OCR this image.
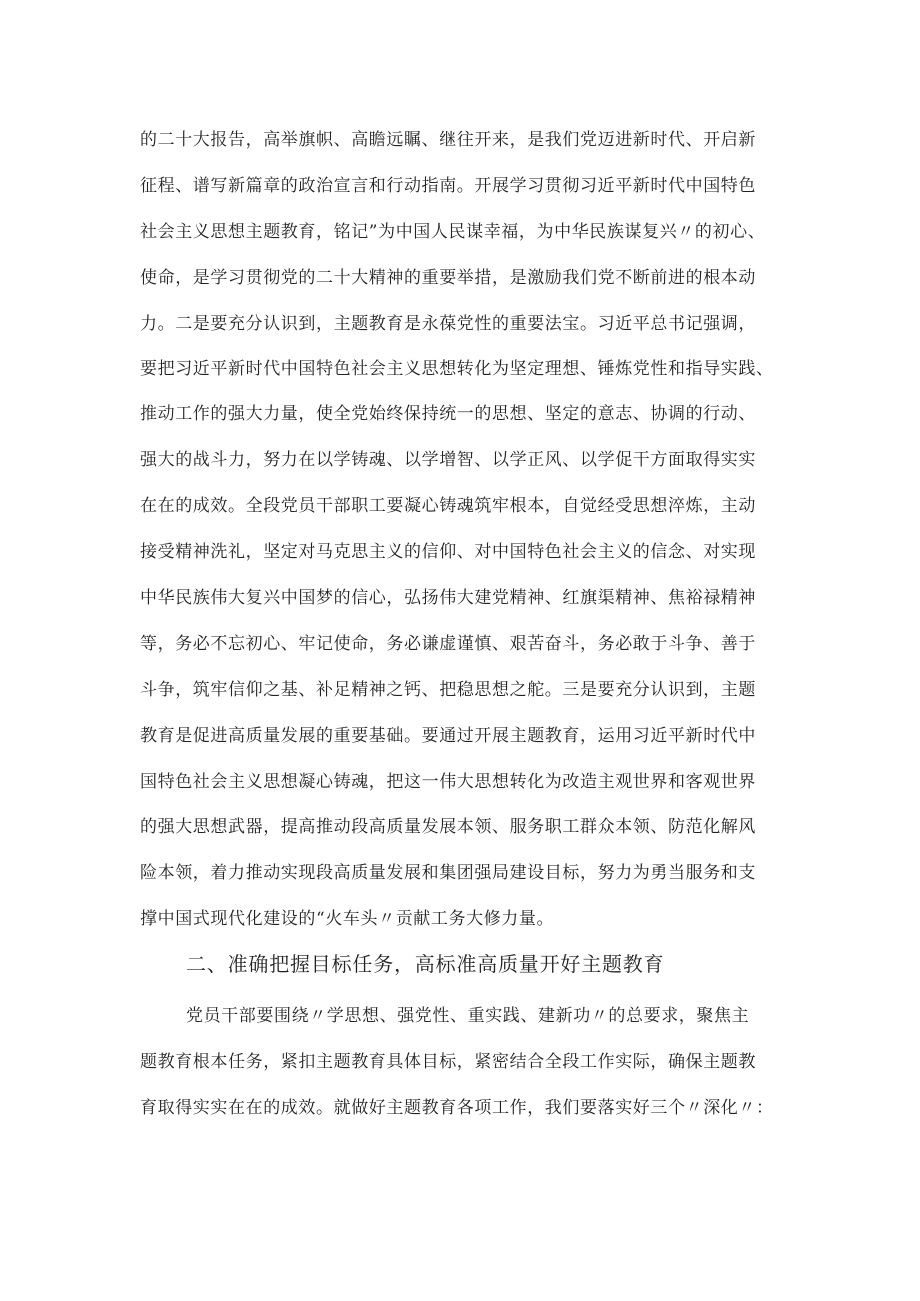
的二十大报告，高举旗帜、高瞻远瞩、继往开来，是我们党迈进新时代、开启新
征程、谱写新篇章的政治宣言和行动指南。开展学习贯彻习近平新时代中国特色
社会主义思想主题教育，铭记”为中国人民谋幸福，为中华民族谋复兴〃的初心、
使命，是学习贯彻党的二十大精神的重要举措，是激励我们党不断前进的根本动
力。二是要充分认识到，主题教育是永葆党性的重要法宝。习近平总书记强调，
要把习近平新时代中国特色社会主义思想转化为坚定理想、锤炼党性和指导实践、
推动工作的强大力量，使全党始终保持统一的思想、坚定的意志、协调的行动、
强大的战斗力，努力在以学铸魂、以学增智、以学正风、以学促干方面取得实实
在在的成效。全段党员干部职工要凝心铸魂筑牢根本，自觉经受思想淬炼，主动
接受精神洗礼，坚定对马克思主义的信仰、对中国特色社会主义的信念、对实现
中华民族伟大复兴中国梦的信心，弘扬伟大建党精神、红旗渠精神、焦裕禄精神
等，务必不忘初心、牢记使命，务必谦虚谨慎、艰苦奋斗，务必敢于斗争、善于
斗争，筑牢信仰之基、补足精神之钙、把稳思想之舵。三是要充分认识到，主题
教育是促进高质量发展的重要基础。要通过开展主题教育，运用习近平新时代中
国特色社会主义思想凝心铸魂，把这一伟大思想转化为改造主观世界和客观世界
的强大思想武器，提高推动段高质量发展本领、服务职工群众本领、防范化解风
险本领，着力推动实现段高质量发展和集团强局建设目标，努力为勇当服务和支
撑中国式现代化建设的“火车头〃贡献工务大修力量。
二、准确把握目标任务，高标准高质量开好主题教育
党员干部要围绕〃学思想、强党性、重实践、建新功〃的总要求，聚焦主
题教育根本任务，紧扣主题教育具体目标，紧密结合全段工作实际，确保主题教
育取得实实在在的成效。就做好主题教育各项工作，我们要落实好三个〃深化〃：
